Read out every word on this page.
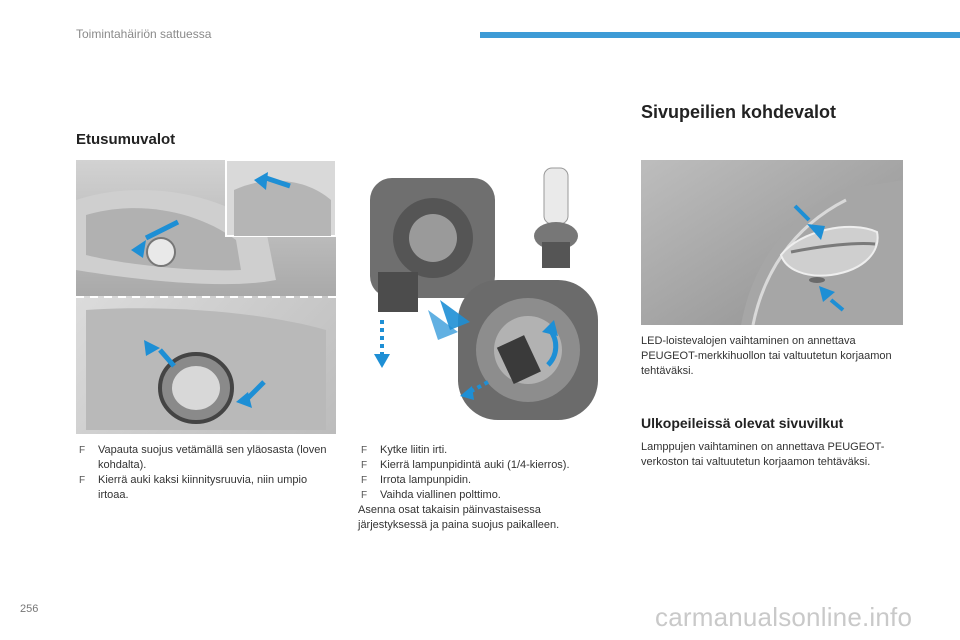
Toimintahäiriön sattuessa
Etusumuvalot
F Vapauta suojus vetämällä sen yläosasta (loven kohdalta).
F Kierrä auki kaksi kiinnitysruuvia, niin umpio irtoaa.
F Kytke liitin irti.
F Kierrä lampunpidintä auki (1/4-kierros).
F Irrota lampunpidin.
F Vaihda viallinen polttimo.
Asenna osat takaisin päinvastaisessa järjestyksessä ja paina suojus paikalleen.
Sivupeilien kohdevalot
LED-loistevalojen vaihtaminen on annettava PEUGEOT-merkkihuollon tai valtuutetun korjaamon tehtäväksi.
Ulkopeileissä olevat sivuvilkut
Lamppujen vaihtaminen on annettava PEUGEOT-verkoston tai valtuutetun korjaamon tehtäväksi.
256	carmanualsonline.info
